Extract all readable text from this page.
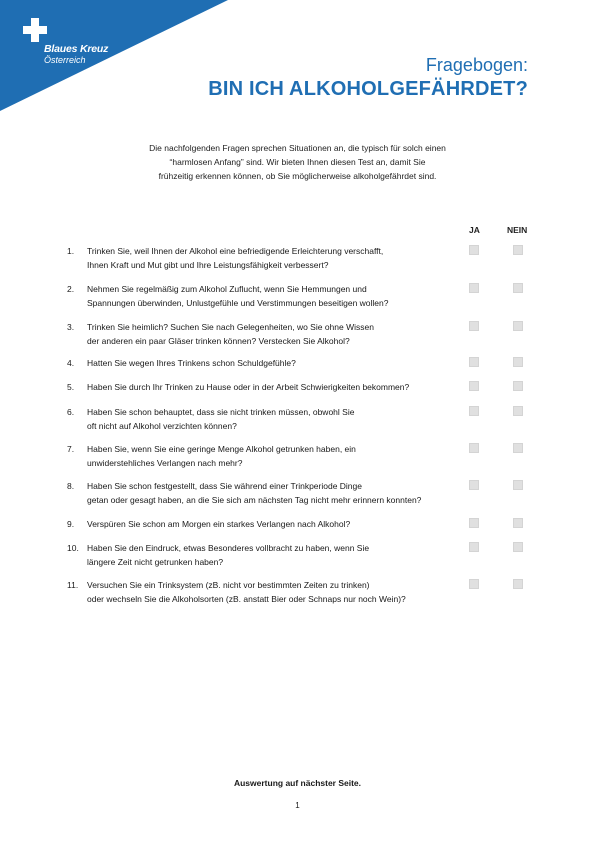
Blaues Kreuz
Österreich	Fragebogen:
BIN ICH ALKOHOLGEFÄHRDET?
Die nachfolgenden Fragen sprechen Situationen an, die typisch für solch einen
“harmlosen Anfang” sind. Wir bieten Ihnen diesen Test an, damit Sie
frühzeitig erkennen können, ob Sie möglicherweise alkoholgefährdet sind.
JA	NEIN
1. Trinken Sie, weil Ihnen der Alkohol eine befriedigende Erleichterung verschafft,
Ihnen Kraft und Mut gibt und Ihre Leistungsfähigkeit verbessert?
2. Nehmen Sie regelmäßig zum Alkohol Zuflucht, wenn Sie Hemmungen und
Spannungen überwinden, Unlustgefühle und Verstimmungen beseitigen wollen?
3. Trinken Sie heimlich? Suchen Sie nach Gelegenheiten, wo Sie ohne Wissen
der anderen ein paar Gläser trinken können? Verstecken Sie Alkohol?
4. Hatten Sie wegen Ihres Trinkens schon Schuldgefühle?
5. Haben Sie durch Ihr Trinken zu Hause oder in der Arbeit Schwierigkeiten bekommen?
6. Haben Sie schon behauptet, dass sie nicht trinken müssen, obwohl Sie
oft nicht auf Alkohol verzichten können?
7. Haben Sie, wenn Sie eine geringe Menge Alkohol getrunken haben, ein
unwiderstehliches Verlangen nach mehr?
8. Haben Sie schon festgestellt, dass Sie während einer Trinkperiode Dinge
getan oder gesagt haben, an die Sie sich am nächsten Tag nicht mehr erinnern konnten?
9. Verspüren Sie schon am Morgen ein starkes Verlangen nach Alkohol?
10. Haben Sie den Eindruck, etwas Besonderes vollbracht zu haben, wenn Sie
längere Zeit nicht getrunken haben?
11. Versuchen Sie ein Trinksystem (zB. nicht vor bestimmten Zeiten zu trinken)
oder wechseln Sie die Alkoholsorten (zB. anstatt Bier oder Schnaps nur noch Wein)?
Auswertung auf nächster Seite.
1
